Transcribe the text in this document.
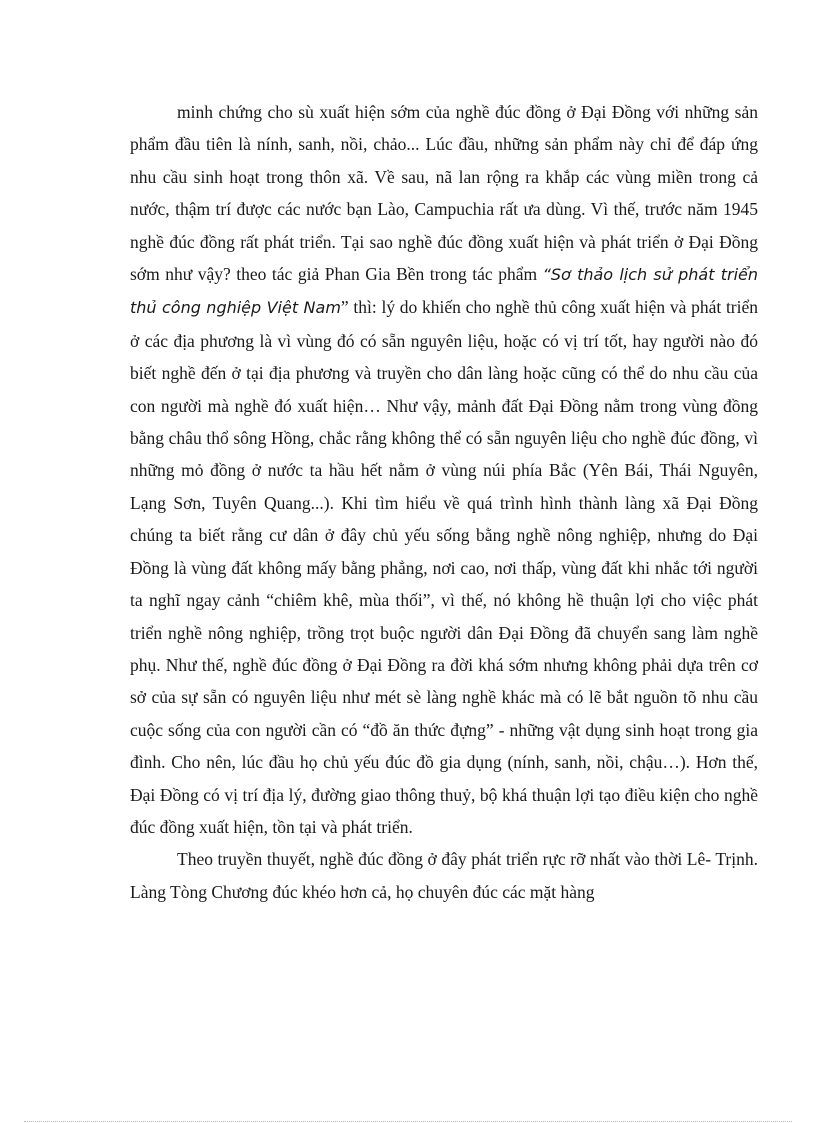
minh chứng cho sù xuất hiện sớm của nghề đúc đồng ở Đại Đồng với những sản phẩm đầu tiên là nính, sanh, nồi, chảo... Lúc đầu, những sản phẩm này chỉ để đáp ứng nhu cầu sinh hoạt trong thôn xã. Về sau, nã lan rộng ra khắp các vùng miền trong cả nước, thậm trí được các nước bạn Lào, Campuchia rất ưa dùng. Vì thế, trước năm 1945 nghề đúc đồng rất phát triển. Tại sao nghề đúc đồng xuất hiện và phát triển ở Đại Đồng sớm như vậy? theo tác giả Phan Gia Bền trong tác phẩm “Sơ thảo lịch sử phát triển thủ công nghiệp Việt Nam” thì: lý do khiến cho nghề thủ công xuất hiện và phát triển ở các địa phương là vì vùng đó có sẵn nguyên liệu, hoặc có vị trí tốt, hay người nào đó biết nghề đến ở tại địa phương và truyền cho dân làng hoặc cũng có thể do nhu cầu của con người mà nghề đó xuất hiện… Như vậy, mảnh đất Đại Đồng nằm trong vùng đồng bằng châu thổ sông Hồng, chắc rằng không thể có sẵn nguyên liệu cho nghề đúc đồng, vì những mỏ đồng ở nước ta hầu hết nằm ở vùng núi phía Bắc (Yên Bái, Thái Nguyên, Lạng Sơn, Tuyên Quang...). Khi tìm hiểu về quá trình hình thành làng xã Đại Đồng chúng ta biết rằng cư dân ở đây chủ yếu sống bằng nghề nông nghiệp, nhưng do Đại Đồng là vùng đất không mấy bằng phẳng, nơi cao, nơi thấp, vùng đất khi nhắc tới người ta nghĩ ngay cảnh “chiêm khê, mùa thối”, vì thế, nó không hề thuận lợi cho việc phát triển nghề nông nghiệp, trồng trọt buộc người dân Đại Đồng đã chuyển sang làm nghề phụ. Như thế, nghề đúc đồng ở Đại Đồng ra đời khá sớm nhưng không phải dựa trên cơ sở của sự sẵn có nguyên liệu như mét sè làng nghề khác mà có lẽ bắt nguồn tõ nhu cầu cuộc sống của con người cần có “đồ ăn thức đựng” - những vật dụng sinh hoạt trong gia đình. Cho nên, lúc đầu họ chủ yếu đúc đồ gia dụng (nính, sanh, nồi, chậu…). Hơn thế, Đại Đồng có vị trí địa lý, đường giao thông thuỷ, bộ khá thuận lợi tạo điều kiện cho nghề đúc đồng xuất hiện, tồn tại và phát triển.

Theo truyền thuyết, nghề đúc đồng ở đây phát triển rực rỡ nhất vào thời Lê- Trịnh. Làng Tòng Chương đúc khéo hơn cả, họ chuyên đúc các mặt hàng
